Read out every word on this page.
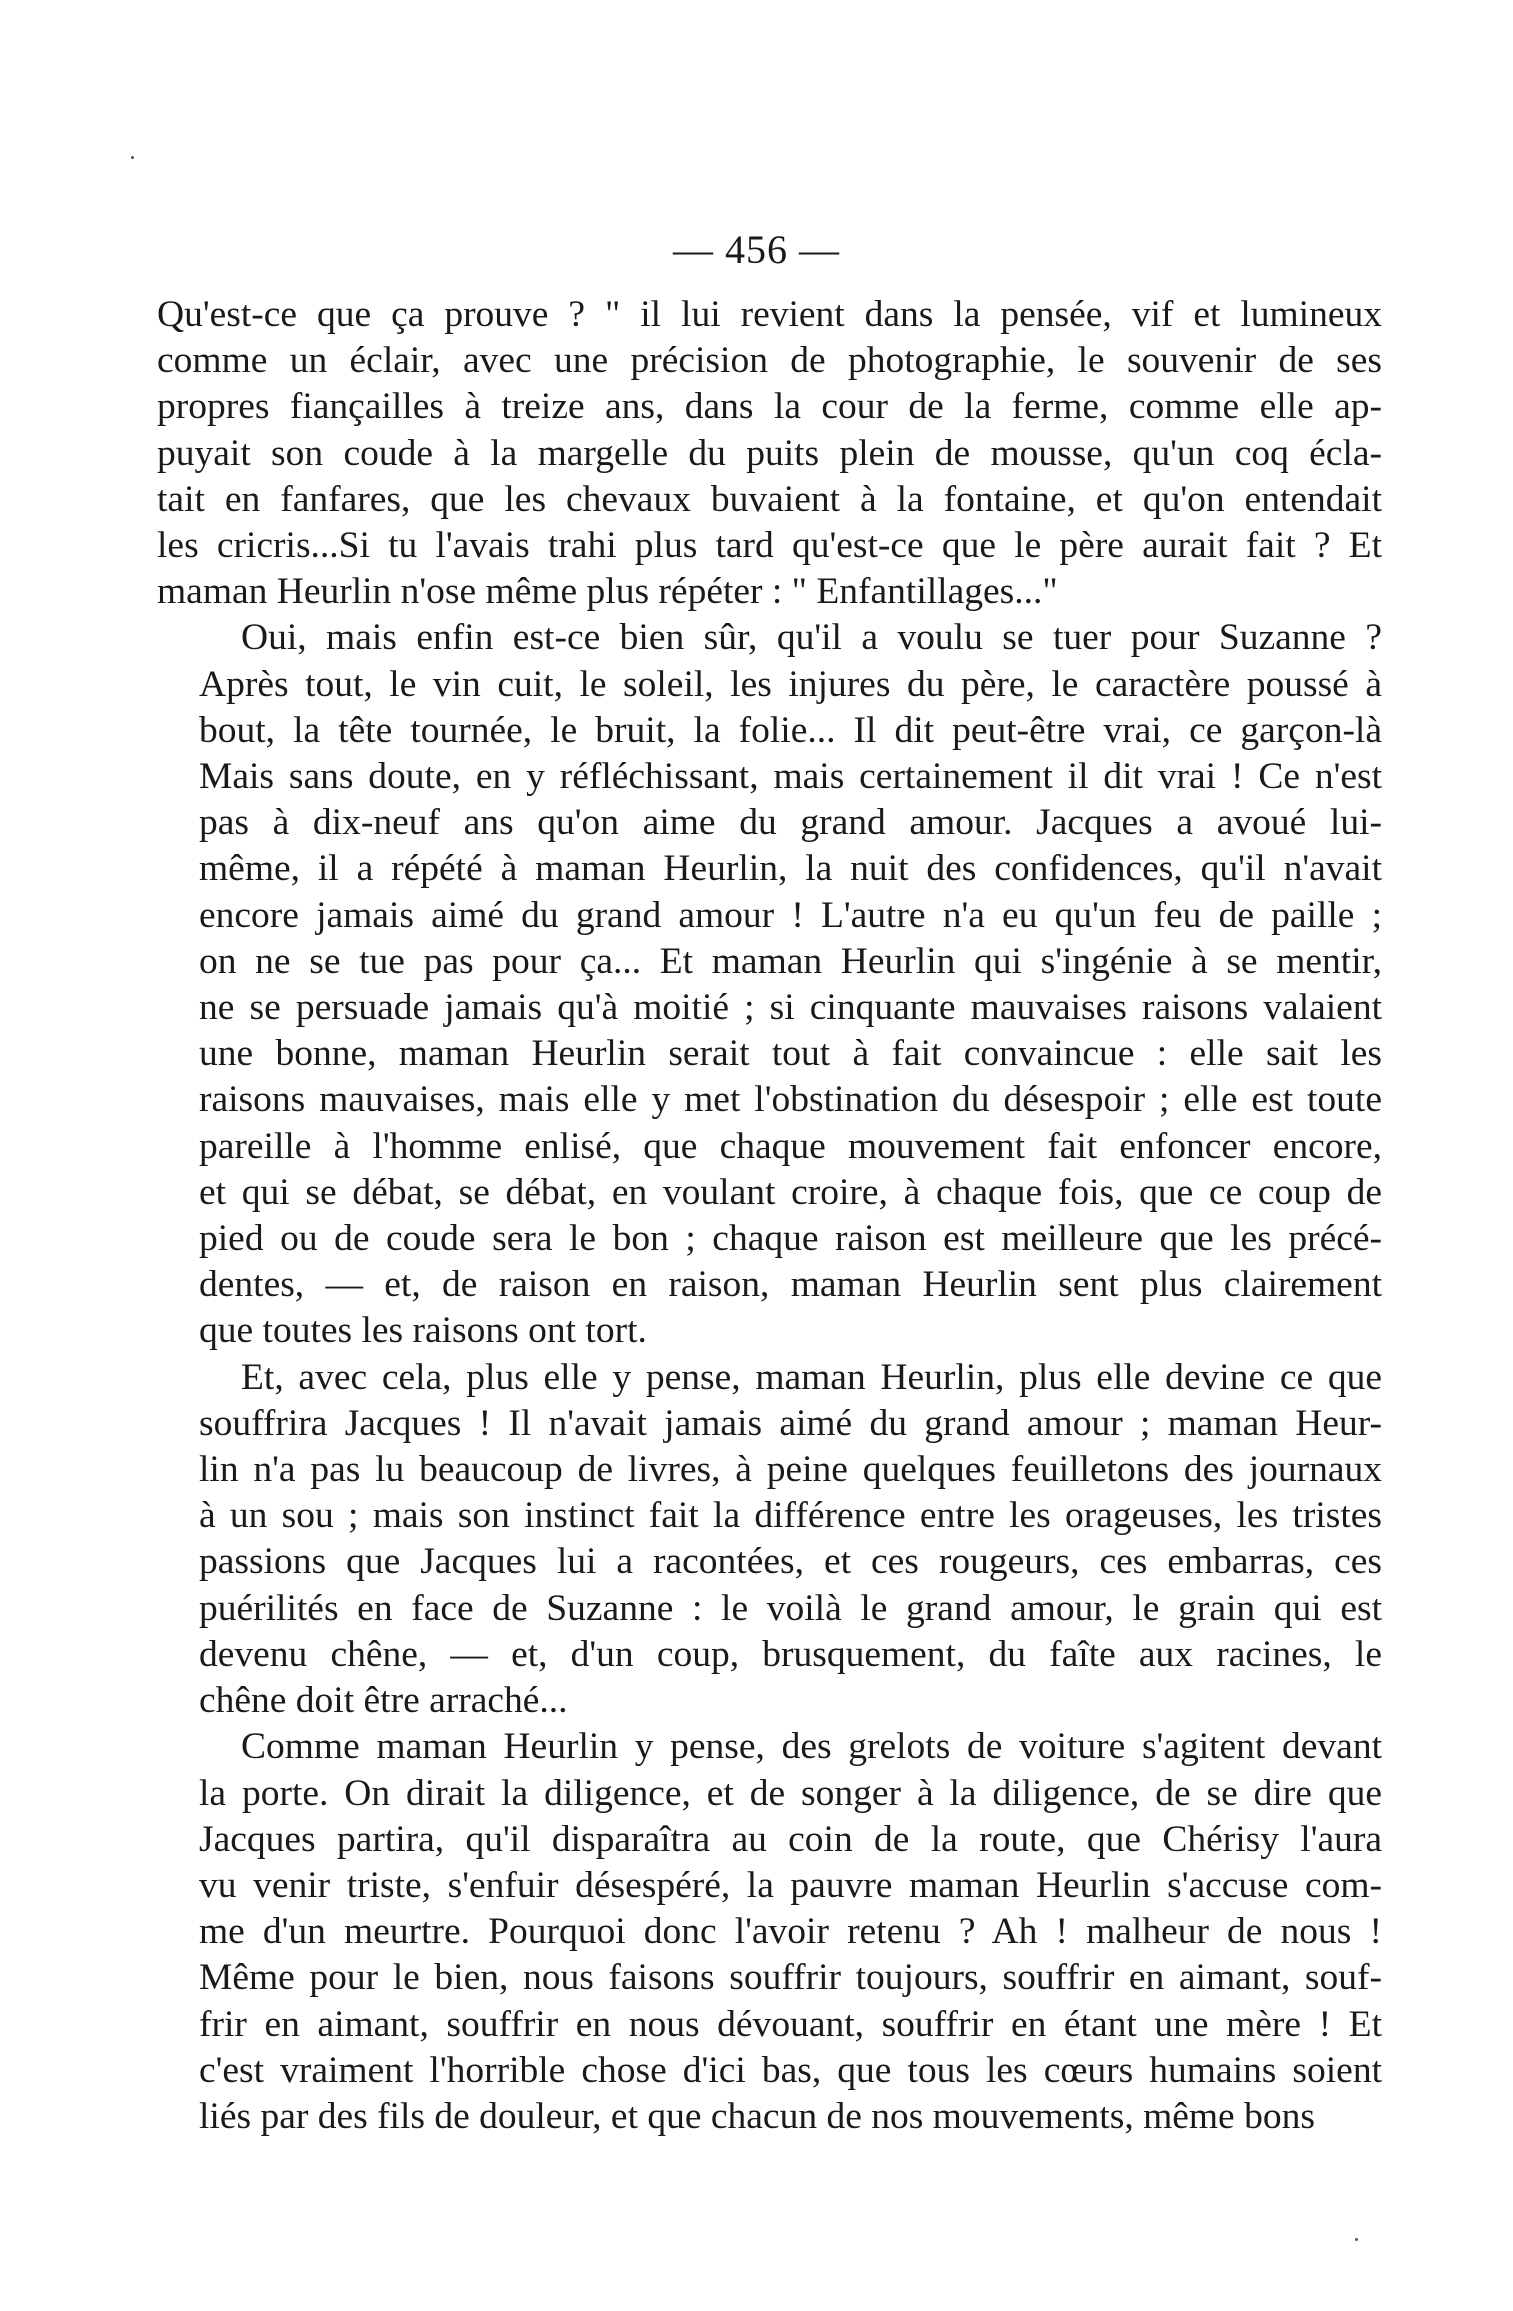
— 456 —

Qu'est-ce que ça prouve ? " il lui revient dans la pensée, vif et lumineux
comme un éclair, avec une précision de photographie, le souvenir de ses
propres fiançailles à treize ans, dans la cour de la ferme, comme elle ap-
puyait son coude à la margelle du puits plein de mousse, qu'un coq écla-
tait en fanfares, que les chevaux buvaient à la fontaine, et qu'on entendait
les cricris...Si tu l'avais trahi plus tard qu'est-ce que le père aurait fait ? Et
maman Heurlin n'ose même plus répéter : " Enfantillages..."

Oui, mais enfin est-ce bien sûr, qu'il a voulu se tuer pour Suzanne ?
Après tout, le vin cuit, le soleil, les injures du père, le caractère poussé à
bout, la tête tournée, le bruit, la folie... Il dit peut-être vrai, ce garçon-là
Mais sans doute, en y réfléchissant, mais certainement il dit vrai ! Ce n'est
pas à dix-neuf ans qu'on aime du grand amour. Jacques a avoué lui-
même, il a répété à maman Heurlin, la nuit des confidences, qu'il n'avait
encore jamais aimé du grand amour ! L'autre n'a eu qu'un feu de paille ;
on ne se tue pas pour ça... Et maman Heurlin qui s'ingénie à se mentir,
ne se persuade jamais qu'à moitié ; si cinquante mauvaises raisons valaient
une bonne, maman Heurlin serait tout à fait convaincue : elle sait les
raisons mauvaises, mais elle y met l'obstination du désespoir ; elle est toute
pareille à l'homme enlisé, que chaque mouvement fait enfoncer encore,
et qui se débat, se débat, en voulant croire, à chaque fois, que ce coup de
pied ou de coude sera le bon ; chaque raison est meilleure que les précé-
dentes, — et, de raison en raison, maman Heurlin sent plus clairement
que toutes les raisons ont tort.

Et, avec cela, plus elle y pense, maman Heurlin, plus elle devine ce que
souffrira Jacques ! Il n'avait jamais aimé du grand amour ; maman Heur-
lin n'a pas lu beaucoup de livres, à peine quelques feuilletons des journaux
à un sou ; mais son instinct fait la différence entre les orageuses, les tristes
passions que Jacques lui a racontées, et ces rougeurs, ces embarras, ces
puérilités en face de Suzanne : le voilà le grand amour, le grain qui est
devenu chêne, — et, d'un coup, brusquement, du faîte aux racines, le
chêne doit être arraché...

Comme maman Heurlin y pense, des grelots de voiture s'agitent devant
la porte. On dirait la diligence, et de songer à la diligence, de se dire que
Jacques partira, qu'il disparaîtra au coin de la route, que Chérisy l'aura
vu venir triste, s'enfuir désespéré, la pauvre maman Heurlin s'accuse com-
me d'un meurtre. Pourquoi donc l'avoir retenu ? Ah ! malheur de nous !
Même pour le bien, nous faisons souffrir toujours, souffrir en aimant, souf-
frir en aimant, souffrir en nous dévouant, souffrir en étant une mère ! Et
c'est vraiment l'horrible chose d'ici bas, que tous les cœurs humains soient
liés par des fils de douleur, et que chacun de nos mouvements, même bons
